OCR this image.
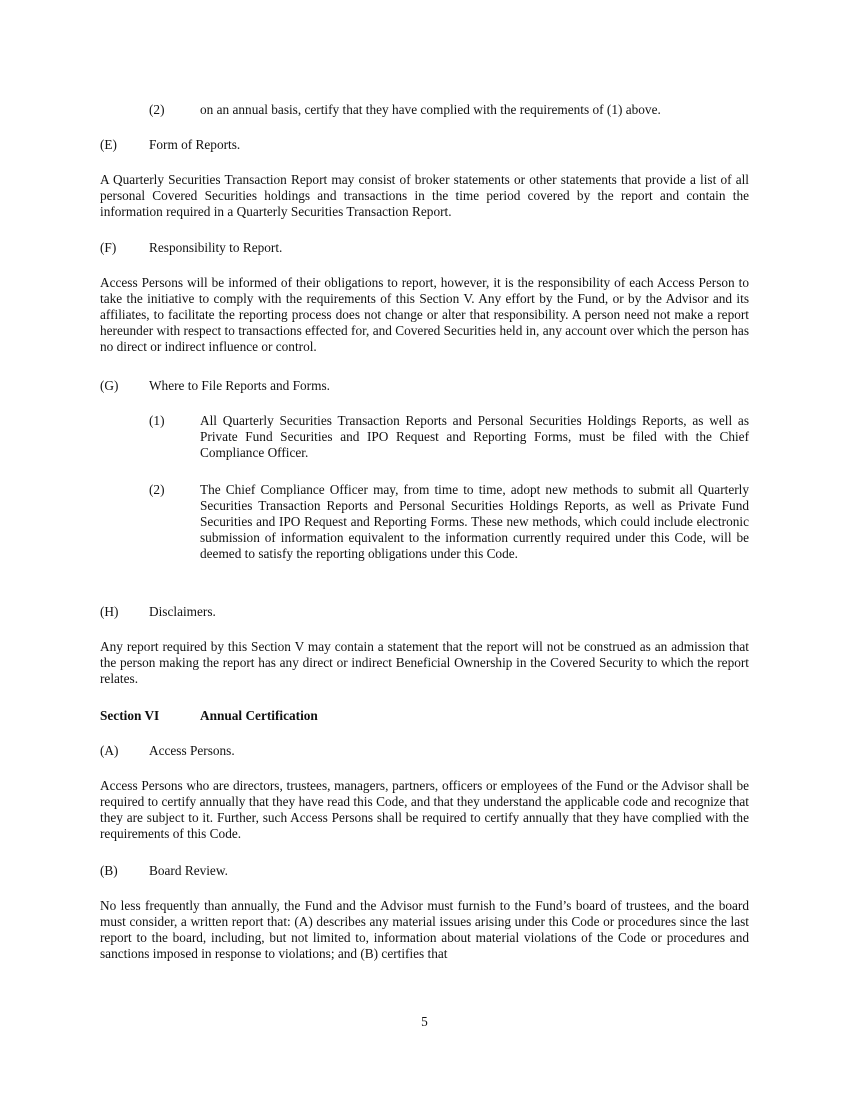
(2)	on an annual basis, certify that they have complied with the requirements of (1) above.

(E) Form of Reports.

A Quarterly Securities Transaction Report may consist of broker statements or other statements that provide a list of all personal Covered Securities holdings and transactions in the time period covered by the report and contain the information required in a Quarterly Securities Transaction Report.

(F) Responsibility to Report.

Access Persons will be informed of their obligations to report, however, it is the responsibility of each Access Person to take the initiative to comply with the requirements of this Section V. Any effort by the Fund, or by the Advisor and its affiliates, to facilitate the reporting process does not change or alter that responsibility. A person need not make a report hereunder with respect to transactions effected for, and Covered Securities held in, any account over which the person has no direct or indirect influence or control.

(G) Where to File Reports and Forms.
(1)	All Quarterly Securities Transaction Reports and Personal Securities Holdings Reports, as well as Private Fund Securities and IPO Request and Reporting Forms, must be filed with the Chief Compliance Officer.

(2)	The Chief Compliance Officer may, from time to time, adopt new methods to submit all Quarterly Securities Transaction Reports and Personal Securities Holdings Reports, as well as Private Fund Securities and IPO Request and Reporting Forms. These new methods, which could include electronic submission of information equivalent to the information currently required under this Code, will be deemed to satisfy the reporting obligations under this Code.

(H) Disclaimers.

Any report required by this Section V may contain a statement that the report will not be construed as an admission that the person making the report has any direct or indirect Beneficial Ownership in the Covered Security to which the report relates.

Section VI	Annual Certification
(A) Access Persons.

Access Persons who are directors, trustees, managers, partners, officers or employees of the Fund or the Advisor shall be required to certify annually that they have read this Code, and that they understand the applicable code and recognize that they are subject to it. Further, such Access Persons shall be required to certify annually that they have complied with the requirements of this Code.

(B) Board Review.

No less frequently than annually, the Fund and the Advisor must furnish to the Fund’s board of trustees, and the board must consider, a written report that: (A) describes any material issues arising under this Code or procedures since the last report to the board, including, but not limited to, information about material violations of the Code or procedures and sanctions imposed in response to violations; and (B) certifies that

5
